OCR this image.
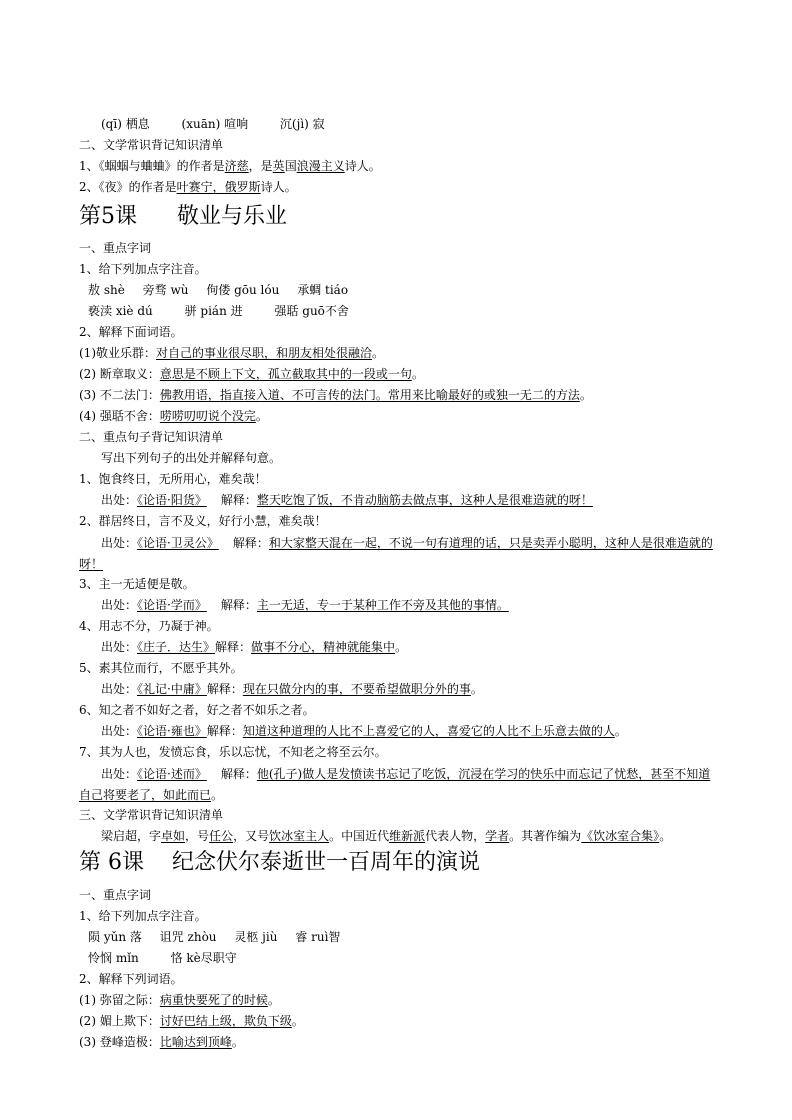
(qī) 栖息	(xuān) 喧响	沉(jì) 寂
二、文学常识背记知识清单
1、《蝈蝈与蛐蛐》的作者是济慈，是英国浪漫主义诗人。
2、《夜》的作者是叶赛宁，俄罗斯诗人。
第5课 敬业与乐业
一、重点字词
1、给下列加点字注音。
敖 shè 旁骛 wù 佝偻 gōu lóu 承蜩 tiáo
亵渎 xiè dú	骈 pián 进	强聒 guō不舍
2、解释下面词语。
(1)敬业乐群：对自己的事业很尽职，和朋友相处很融洽。
(2) 断章取义：意思是不顾上下文，孤立截取其中的一段或一句。
(3) 不二法门：佛教用语，指直接入道、不可言传的法门。常用来比喻最好的或独一无二的方法。
(4) 强聒不舍：唠唠叨叨说个没完。
二、重点句子背记知识清单
写出下列句子的出处并解释句意。
1、饱食终日，无所用心，难矣哉！
出处：《论语·阳货》 解释：整天吃饱了饭，不肯动脑筋去做点事，这种人是很难造就的呀！
2、群居终日，言不及义，好行小慧，难矣哉！
出处：《论语·卫灵公》 解释：和大家整天混在一起，不说一句有道理的话，只是卖弄小聪明，这种人是很难造就的呀！
3、主一无适便是敬。
出处：《论语·学而》 解释：主一无适，专一于某种工作不旁及其他的事情。
4、用志不分，乃凝于神。
出处：《庄子．达生》解释：做事不分心，精神就能集中。
5、素其位而行，不愿乎其外。
出处：《礼记·中庸》解释：现在只做分内的事，不要希望做职分外的事。
6、知之者不如好之者，好之者不如乐之者。
出处：《论语·雍也》解释：知道这种道理的人比不上喜爱它的人，喜爱它的人比不上乐意去做的人。
7、其为人也，发愤忘食，乐以忘忧，不知老之将至云尔。
出处：《论语·述而》 解释：他(孔子)做人是发愤读书忘记了吃饭，沉浸在学习的快乐中而忘记了忧愁，甚至不知道自己将要老了，如此而已。
三、文学常识背记知识清单
梁启超，字卓如，号任公，又号饮冰室主人。中国近代维新派代表人物，学者。其著作编为《饮冰室合集》。
第 6课 纪念伏尔泰逝世一百周年的演说
一、重点字词
1、给下列加点字注音。
陨 yǔn 落 诅咒 zhòu 灵柩 jiù 睿 ruì智
怜悯 mǐn	恪 kè尽职守
2、解释下列词语。
(1) 弥留之际：病重快要死了的时候。
(2) 媚上欺下：讨好巴结上级，欺负下级。
(3) 登峰造极：比喻达到顶峰。
